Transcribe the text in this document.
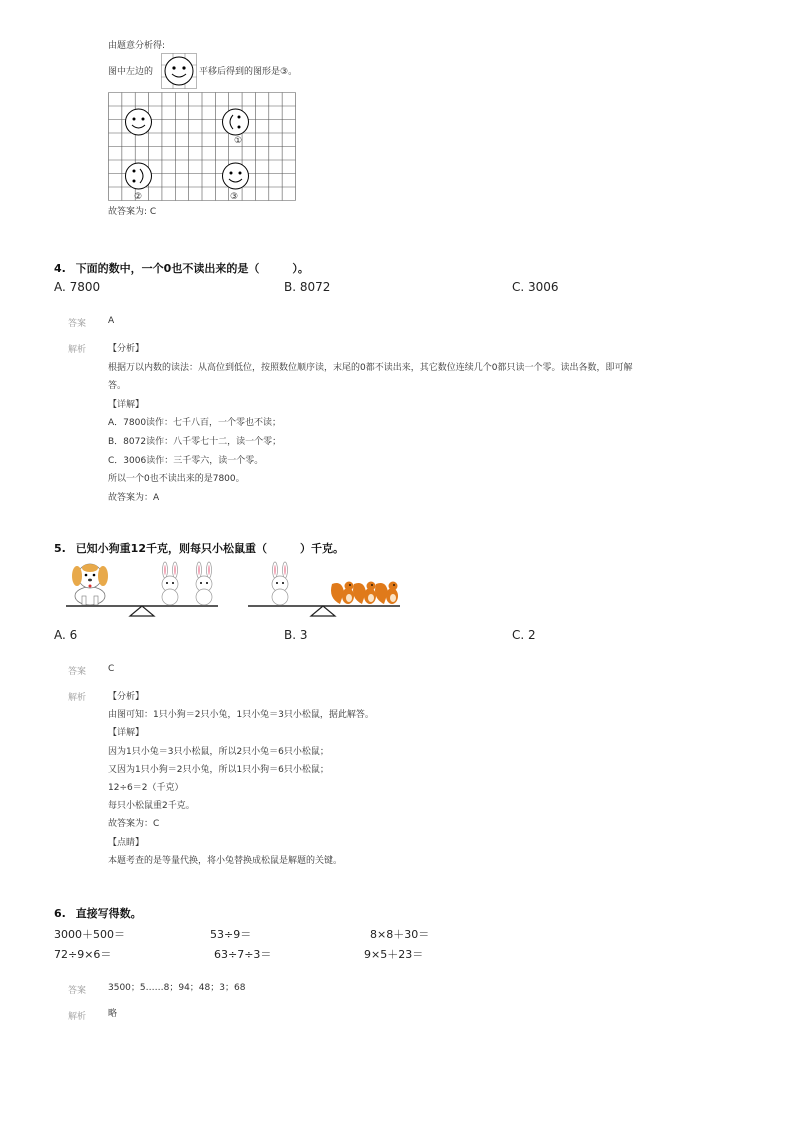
由题意分析得:
图中左边的	平移后得到的图形是③。
①
②	③
故答案为: C
4. 下面的数中，一个0也不读出来的是（　　　）。
A. 7800	B. 8072	C. 3006
答案 A
解析 【分析】
根据万以内数的读法：从高位到低位，按照数位顺序读，末尾的0都不读出来，其它数位连续几个0都只读一个零。读出各数，即可解
答。
【详解】
A．7800读作：七千八百，一个零也不读；
B．8072读作：八千零七十二，读一个零；
C．3006读作：三千零六，读一个零。
所以一个0也不读出来的是7800。
故答案为：A
5. 已知小狗重12千克，则每只小松鼠重（　　　）千克。
A. 6	B. 3	C. 2
答案 C
解析 【分析】
由图可知：1只小狗＝2只小兔，1只小兔＝3只小松鼠，据此解答。
【详解】
因为1只小兔＝3只小松鼠，所以2只小兔＝6只小松鼠；
又因为1只小狗＝2只小兔，所以1只小狗＝6只小松鼠；
12÷6＝2（千克）
每只小松鼠重2千克。
故答案为：C
【点睛】
本题考查的是等量代换，将小兔替换成松鼠是解题的关键。
6. 直接写得数。
3000＋500＝	53÷9＝	8×8＋30＝
72÷9×6＝	63÷7÷3＝	9×5＋23＝
答案 3500；5……8；94；48；3；68
解析 略
